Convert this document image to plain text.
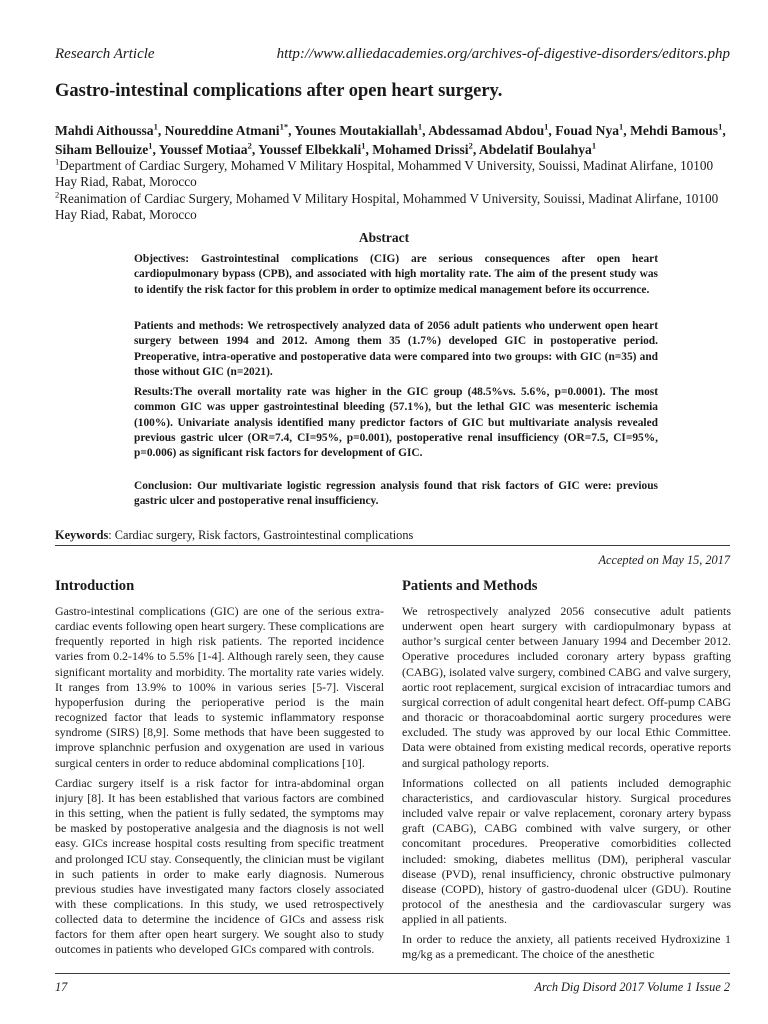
Research Article	http://www.alliedacademies.org/archives-of-digestive-disorders/editors.php
Gastro-intestinal complications after open heart surgery.
Mahdi Aithoussa$^1$, Noureddine Atmani$^{1*}$, Younes Moutakiallah$^1$, Abdessamad Abdou$^1$, Fouad Nya$^1$, Mehdi Bamous$^1$, Siham Bellouize$^1$, Youssef Motiaa$^2$, Youssef Elbekkali$^1$, Mohamed Drissi$^2$, Abdelatif Boulahya$^1$
$^1$Department of Cardiac Surgery, Mohamed V Military Hospital, Mohammed V University, Souissi, Madinat Alirfane, 10100 Hay Riad, Rabat, Morocco
$^2$Reanimation of Cardiac Surgery, Mohamed V Military Hospital, Mohammed V University, Souissi, Madinat Alirfane, 10100 Hay Riad, Rabat, Morocco
Abstract
Objectives: Gastrointestinal complications (CIG) are serious consequences after open heart cardiopulmonary bypass (CPB), and associated with high mortality rate. The aim of the present study was to identify the risk factor for this problem in order to optimize medical management before its occurrence.
Patients and methods: We retrospectively analyzed data of 2056 adult patients who underwent open heart surgery between 1994 and 2012. Among them 35 (1.7%) developed GIC in postoperative period. Preoperative, intra-operative and postoperative data were compared into two groups: with GIC (n=35) and those without GIC (n=2021).
Results:The overall mortality rate was higher in the GIC group (48.5%vs. 5.6%, p=0.0001). The most common GIC was upper gastrointestinal bleeding (57.1%), but the lethal GIC was mesenteric ischemia (100%). Univariate analysis identified many predictor factors of GIC but multivariate analysis revealed previous gastric ulcer (OR=7.4, CI=95%, p=0.001), postoperative renal insufficiency (OR=7.5, CI=95%, p=0.006) as significant risk factors for development of GIC.
Conclusion: Our multivariate logistic regression analysis found that risk factors of GIC were: previous gastric ulcer and postoperative renal insufficiency.
Keywords: Cardiac surgery, Risk factors, Gastrointestinal complications
Accepted on May 15, 2017
Introduction

Gastro-intestinal complications (GIC) are one of the serious extra-cardiac events following open heart surgery. These complications are frequently reported in high risk patients. The reported incidence varies from 0.2-14% to 5.5% [1-4]. Although rarely seen, they cause significant mortality and morbidity. The mortality rate varies widely. It ranges from 13.9% to 100% in various series [5-7]. Visceral hypoperfusion during the perioperative period is the main recognized factor that leads to systemic inflammatory response syndrome (SIRS) [8,9]. Some methods that have been suggested to improve splanchnic perfusion and oxygenation are used in various surgical centers in order to reduce abdominal complications [10].

Cardiac surgery itself is a risk factor for intra-abdominal organ injury [8]. It has been established that various factors are combined in this setting, when the patient is fully sedated, the symptoms may be masked by postoperative analgesia and the diagnosis is not well easy. GICs increase hospital costs resulting from specific treatment and prolonged ICU stay. Consequently, the clinician must be vigilant in such patients in order to make early diagnosis. Numerous previous studies have investigated many factors closely associated with these complications. In this study, we used retrospectively collected data to determine the incidence of GICs and assess risk factors for them after open heart surgery. We sought also to study outcomes in patients who developed GICs compared with controls.

Patients and Methods

We retrospectively analyzed 2056 consecutive adult patients underwent open heart surgery with cardiopulmonary bypass at author’s surgical center between January 1994 and December 2012. Operative procedures included coronary artery bypass grafting (CABG), isolated valve surgery, combined CABG and valve surgery, aortic root replacement, surgical excision of intracardiac tumors and surgical correction of adult congenital heart defect. Off-pump CABG and thoracic or thoracoabdominal aortic surgery procedures were excluded. The study was approved by our local Ethic Committee. Data were obtained from existing medical records, operative reports and surgical pathology reports.

Informations collected on all patients included demographic characteristics, and cardiovascular history. Surgical procedures included valve repair or valve replacement, coronary artery bypass graft (CABG), CABG combined with valve surgery, or other concomitant procedures. Preoperative comorbidities collected included: smoking, diabetes mellitus (DM), peripheral vascular disease (PVD), renal insufficiency, chronic obstructive pulmonary disease (COPD), history of gastro-duodenal ulcer (GDU). Routine protocol of the anesthesia and the cardiovascular surgery was applied in all patients.

In order to reduce the anxiety, all patients received Hydroxizine 1 mg/kg as a premedicant. The choice of the anesthetic

17	Arch Dig Disord 2017 Volume 1 Issue 2
